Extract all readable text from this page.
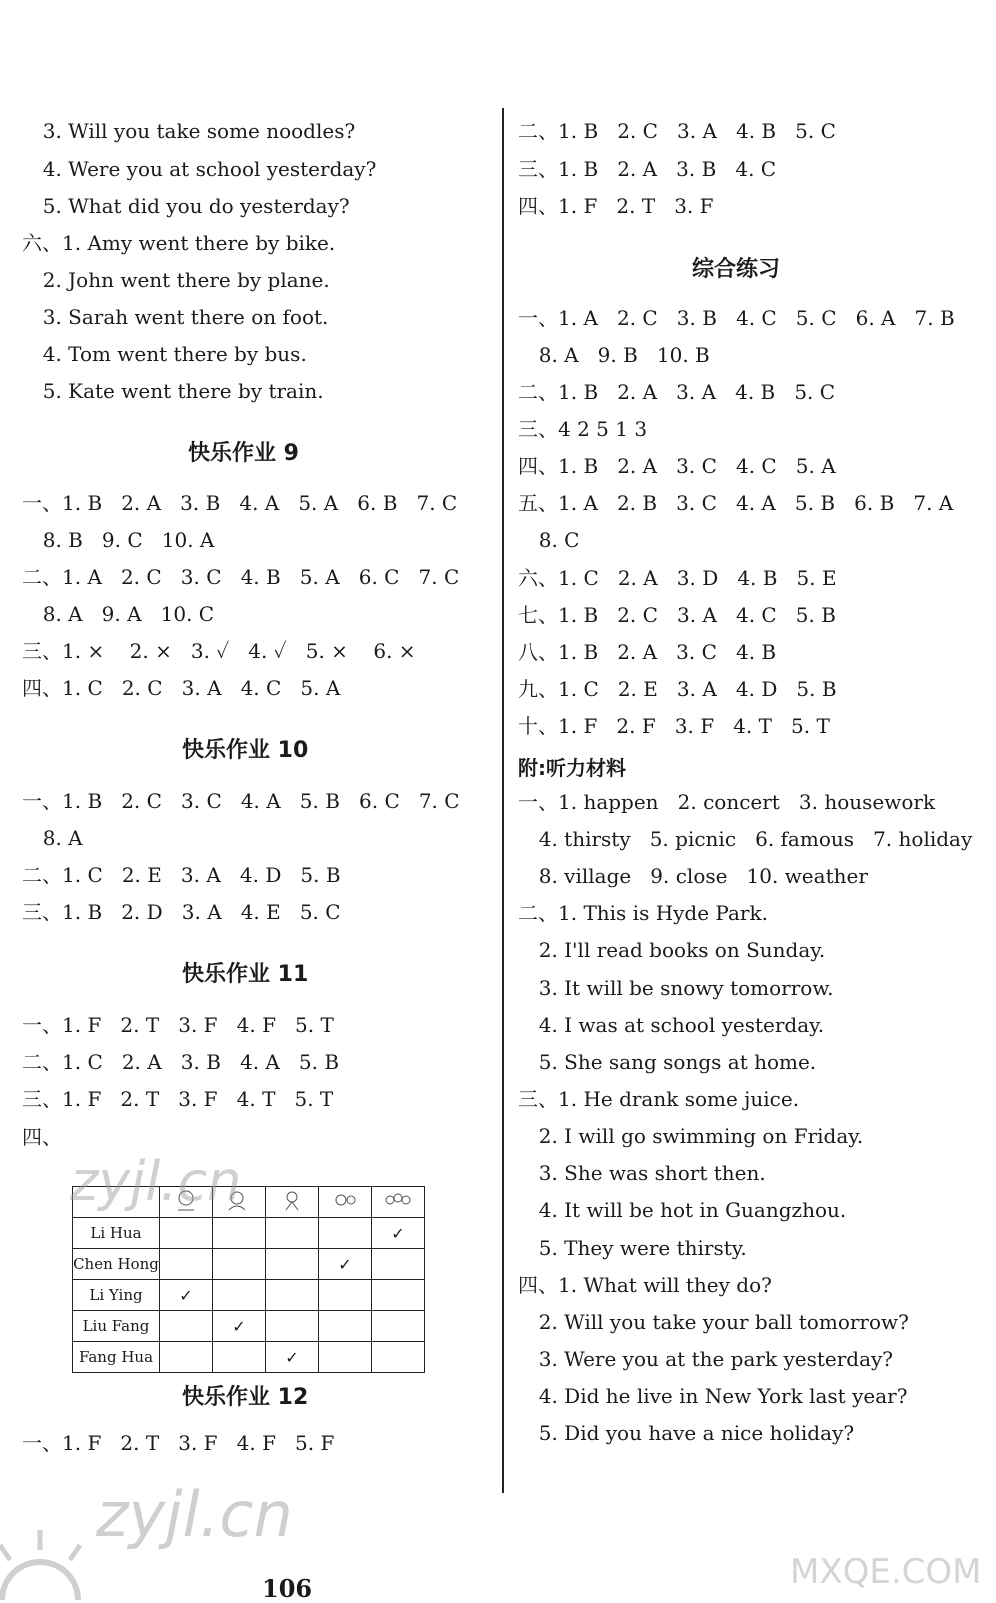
3. Will you take some noodles?
4. Were you at school yesterday?
5. What did you do yesterday?
六、1. Amy went there by bike.
2. John went there by plane.
3. Sarah went there on foot.
4. Tom went there by bus.
5. Kate went there by train.
快乐作业 9
一、1. B   2. A   3. B   4. A   5. A   6. B   7. C
8. B   9. C   10. A
二、1. A   2. C   3. C   4. B   5. A   6. C   7. C
8. A   9. A   10. C
三、1. ×    2. ×   3. ✓   4. ✓   5. ×    6. ×
四、1. C   2. C   3. A   4. C   5. A
快乐作业 10
一、1. B   2. C   3. C   4. A   5. B   6. C   7. C
8. A
二、1. C   2. E   3. A   4. D   5. B
三、1. B   2. D   3. A   4. E   5. C
快乐作业 11
一、1. F   2. T   3. F   4. F   5. T
二、1. C   2. A   3. B   4. A   5. B
三、1. F   2. T   3. F   4. T   5. T
四、

Li Hua					✓
Chen Hong				✓	
Li Ying	✓				
Liu Fang		✓			
Fang Hua			✓		
快乐作业 12
一、1. F   2. T   3. F   4. F   5. F
二、1. B   2. C   3. A   4. B   5. C
三、1. B   2. A   3. B   4. C
四、1. F   2. T   3. F
综合练习
一、1. A   2. C   3. B   4. C   5. C   6. A   7. B
8. A   9. B   10. B
二、1. B   2. A   3. A   4. B   5. C
三、4 2 5 1 3
四、1. B   2. A   3. C   4. C   5. A
五、1. A   2. B   3. C   4. A   5. B   6. B   7. A
8. C
六、1. C   2. A   3. D   4. B   5. E
七、1. B   2. C   3. A   4. C   5. B
八、1. B   2. A   3. C   4. B
九、1. C   2. E   3. A   4. D   5. B
十、1. F   2. F   3. F   4. T   5. T
附:听力材料
一、1. happen   2. concert   3. housework
4. thirsty   5. picnic   6. famous   7. holiday
8. village   9. close   10. weather
二、1. This is Hyde Park.
2. I'll read books on Sunday.
3. It will be snowy tomorrow.
4. I was at school yesterday.
5. She sang songs at home.
三、1. He drank some juice.
2. I will go swimming on Friday.
3. She was short then.
4. It will be hot in Guangzhou.
5. They were thirsty.
四、1. What will they do?
2. Will you take your ball tomorrow?
3. Were you at the park yesterday?
4. Did he live in New York last year?
5. Did you have a nice holiday?
zyjl.cn
zyjl.cn
MXQE.COM
106
